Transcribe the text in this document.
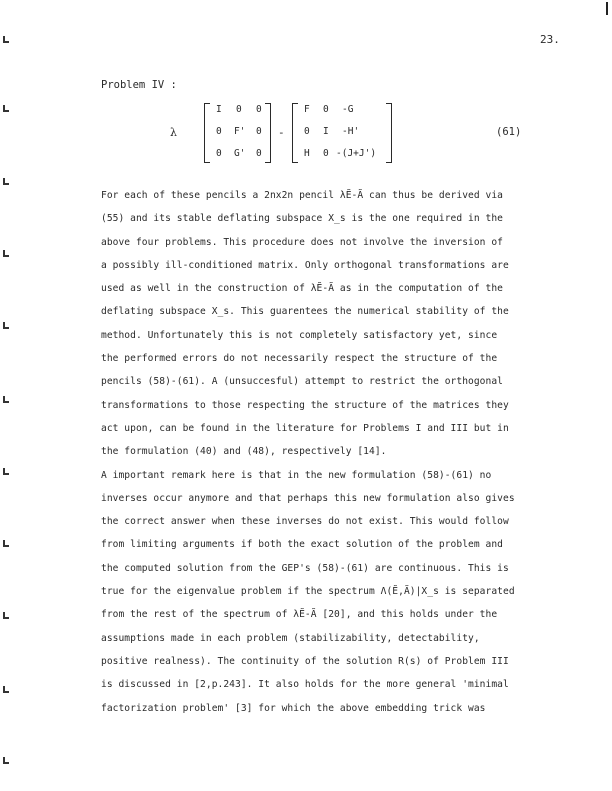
23.
Problem IV :
λ
I 0 0
0 F' 0
0 G' 0
-
F 0 -G
0 I -H'
H 0 -(J+J')
(61)
For each of these pencils a 2nx2n pencil λẼ-Ã can thus be derived via
(55) and its stable deflating subspace X_s is the one required in the
above four problems. This procedure does not involve the inversion of
a possibly ill-conditioned matrix. Only orthogonal transformations are
used as well in the construction of λẼ-Ã as in the computation of the
deflating subspace X_s. This guarentees the numerical stability of the
method. Unfortunately this is not completely satisfactory yet, since
the performed errors do not necessarily respect the structure of the
pencils (58)-(61). A (unsuccesful) attempt to restrict the orthogonal
transformations to those respecting the structure of the matrices they
act upon, can be found in the literature for Problems I and III but in
the formulation (40) and (48), respectively [14].
A important remark here is that in the new formulation (58)-(61) no
inverses occur anymore and that perhaps this new formulation also gives
the correct answer when these inverses do not exist. This would follow
from limiting arguments if both the exact solution of the problem and
the computed solution from the GEP's (58)-(61) are continuous. This is
true for the eigenvalue problem if the spectrum Λ(Ẽ,Ã)|X_s is separated
from the rest of the spectrum of λẼ-Ã [20], and this holds under the
assumptions made in each problem (stabilizability, detectability,
positive realness). The continuity of the solution R(s) of Problem III
is discussed in [2,p.243]. It also holds for the more general 'minimal
factorization problem' [3] for which the above embedding trick was
